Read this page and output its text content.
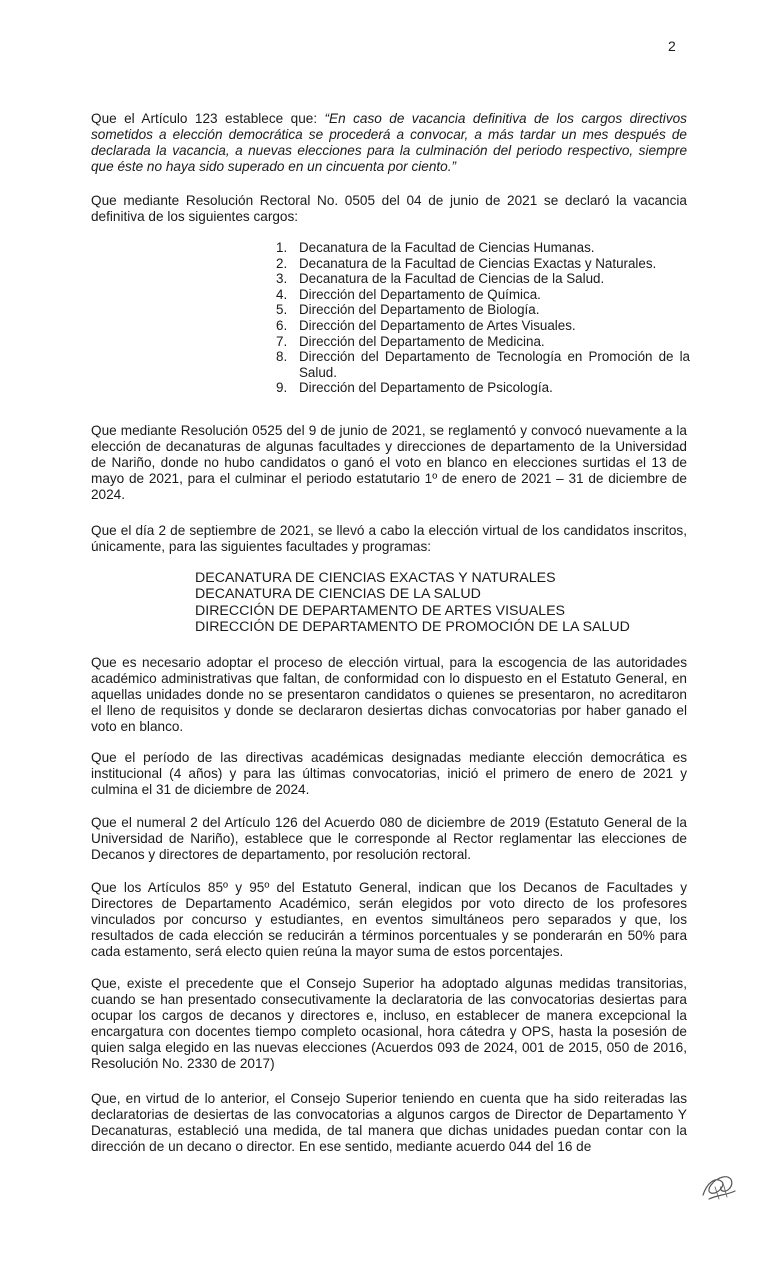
2
Que el Artículo 123 establece que: “En caso de vacancia definitiva de los cargos directivos sometidos a elección democrática se procederá a convocar, a más tardar un mes después de declarada la vacancia, a nuevas elecciones para la culminación del periodo respectivo, siempre que éste no haya sido superado en un cincuenta por ciento.”
Que mediante Resolución Rectoral No. 0505 del 04 de junio de 2021 se declaró la vacancia definitiva de los siguientes cargos:
1. Decanatura de la Facultad de Ciencias Humanas.
2. Decanatura de la Facultad de Ciencias Exactas y Naturales.
3. Decanatura de la Facultad de Ciencias de la Salud.
4. Dirección del Departamento de Química.
5. Dirección del Departamento de Biología.
6. Dirección del Departamento de Artes Visuales.
7. Dirección del Departamento de Medicina.
8. Dirección del Departamento de Tecnología en Promoción de la Salud.
9. Dirección del Departamento de Psicología.
Que mediante Resolución 0525 del 9 de junio de 2021, se reglamentó y convocó nuevamente a la elección de decanaturas de algunas facultades y direcciones de departamento de la Universidad de Nariño, donde no hubo candidatos o ganó el voto en blanco en elecciones surtidas el 13 de mayo de 2021, para el culminar el periodo estatutario 1º de enero de 2021 – 31 de diciembre de 2024.
Que el día 2 de septiembre de 2021, se llevó a cabo la elección virtual de los candidatos inscritos, únicamente, para las siguientes facultades y programas:
DECANATURA DE CIENCIAS EXACTAS Y NATURALES
DECANATURA DE CIENCIAS DE LA SALUD
DIRECCIÓN DE DEPARTAMENTO DE ARTES VISUALES
DIRECCIÓN DE DEPARTAMENTO DE PROMOCIÓN DE LA SALUD
Que es necesario adoptar el proceso de elección virtual, para la escogencia de las autoridades académico administrativas que faltan, de conformidad con lo dispuesto en el Estatuto General, en aquellas unidades donde no se presentaron candidatos o quienes se presentaron, no acreditaron el lleno de requisitos y donde se declararon desiertas dichas convocatorias por haber ganado el voto en blanco.
Que el período de las directivas académicas designadas mediante elección democrática es institucional (4 años) y para las últimas convocatorias, inició el primero de enero de 2021 y culmina el 31 de diciembre de 2024.
Que el numeral 2 del Artículo 126 del Acuerdo 080 de diciembre de 2019 (Estatuto General de la Universidad de Nariño), establece que le corresponde al Rector reglamentar las elecciones de Decanos y directores de departamento, por resolución rectoral.
Que los Artículos 85º y 95º del Estatuto General, indican que los Decanos de Facultades y Directores de Departamento Académico, serán elegidos por voto directo de los profesores vinculados por concurso y estudiantes, en eventos simultáneos pero separados y que, los resultados de cada elección se reducirán a términos porcentuales y se ponderarán en 50% para cada estamento, será electo quien reúna la mayor suma de estos porcentajes.
Que, existe el precedente que el Consejo Superior ha adoptado algunas medidas transitorias, cuando se han presentado consecutivamente la declaratoria de las convocatorias desiertas para ocupar los cargos de decanos y directores e, incluso, en establecer de manera excepcional la encargatura con docentes tiempo completo ocasional, hora cátedra y OPS, hasta la posesión de quien salga elegido en las nuevas elecciones (Acuerdos 093 de 2024, 001 de 2015, 050 de 2016, Resolución No. 2330 de 2017)
Que, en virtud de lo anterior, el Consejo Superior teniendo en cuenta que ha sido reiteradas las declaratorias de desiertas de las convocatorias a algunos cargos de Director de Departamento Y Decanaturas, estableció una medida, de tal manera que dichas unidades puedan contar con la dirección de un decano o director. En ese sentido, mediante acuerdo 044 del 16 de
